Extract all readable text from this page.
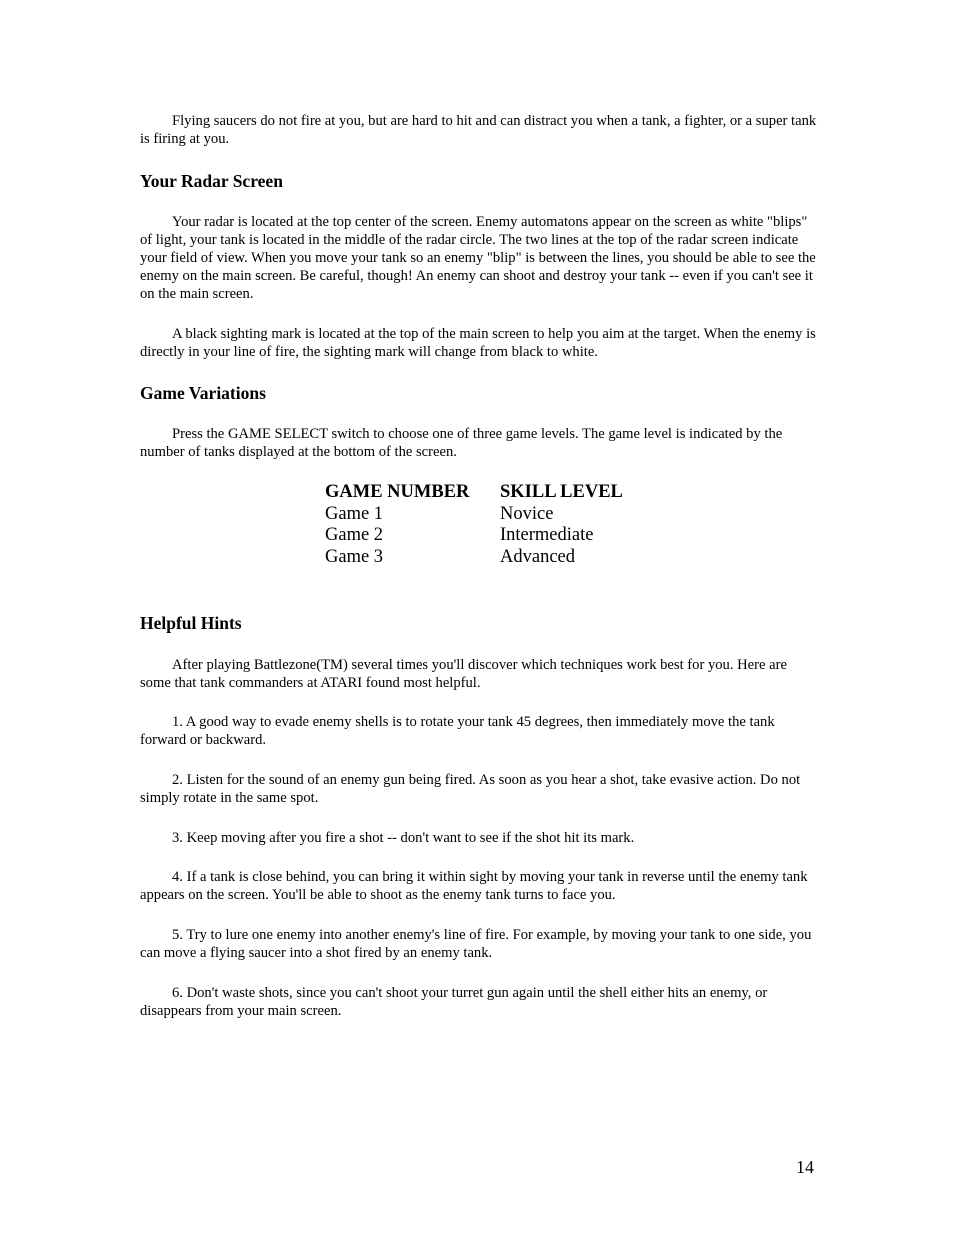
Flying saucers do not fire at you, but are hard to hit and can distract you when a tank, a fighter, or a super tank is firing at you.

Your Radar Screen

Your radar is located at the top center of the screen. Enemy automatons appear on the screen as white "blips" of light, your tank is located in the middle of the radar circle. The two lines at the top of the radar screen indicate your field of view. When you move your tank so an enemy "blip" is between the lines, you should be able to see the enemy on the main screen. Be careful, though! An enemy can shoot and destroy your tank -- even if you can't see it on the main screen.

A black sighting mark is located at the top of the main screen to help you aim at the target. When the enemy is directly in your line of fire, the sighting mark will change from black to white.

Game Variations

Press the GAME SELECT switch to choose one of three game levels. The game level is indicated by the number of tanks displayed at the bottom of the screen.

GAME NUMBER	SKILL LEVEL
Game 1	Novice
Game 2	Intermediate
Game 3	Advanced
Helpful Hints

After playing Battlezone(TM) several times you'll discover which techniques work best for you. Here are some that tank commanders at ATARI found most helpful.

1. A good way to evade enemy shells is to rotate your tank 45 degrees, then immediately move the tank forward or backward.

2. Listen for the sound of an enemy gun being fired. As soon as you hear a shot, take evasive action. Do not simply rotate in the same spot.

3. Keep moving after you fire a shot -- don't want to see if the shot hit its mark.

4. If a tank is close behind, you can bring it within sight by moving your tank in reverse until the enemy tank appears on the screen. You'll be able to shoot as the enemy tank turns to face you.

5. Try to lure one enemy into another enemy's line of fire. For example, by moving your tank to one side, you can move a flying saucer into a shot fired by an enemy tank.

6. Don't waste shots, since you can't shoot your turret gun again until the shell either hits an enemy, or disappears from your main screen.

14
